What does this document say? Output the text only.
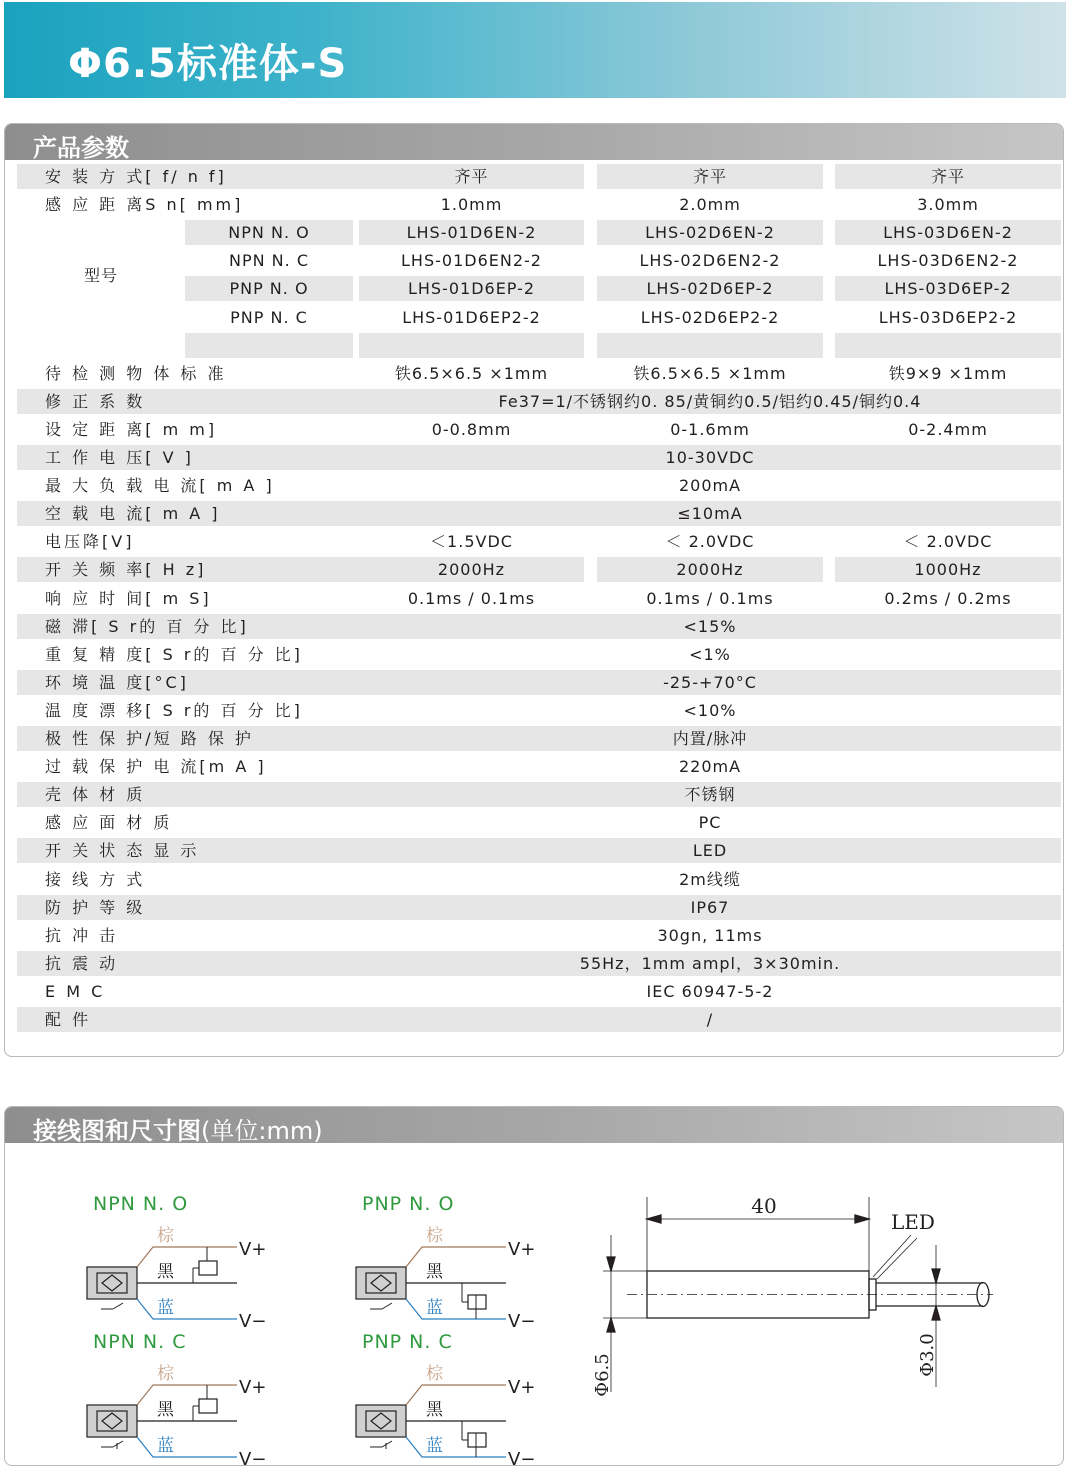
Φ6.5标准体-S
产品参数
安 装 方 式[ f/ n f]	齐平	齐平	齐平
感 应 距 离S n[ mm]	1.0mm	2.0mm	3.0mm
型号
NPN N. O	LHS-01D6EN-2	LHS-02D6EN-2	LHS-03D6EN-2
NPN N. C	LHS-01D6EN2-2	LHS-02D6EN2-2	LHS-03D6EN2-2
PNP N. O	LHS-01D6EP-2	LHS-02D6EP-2	LHS-03D6EP-2
PNP N. C	LHS-01D6EP2-2	LHS-02D6EP2-2	LHS-03D6EP2-2
待 检 测 物 体 标 准	铁6.5×6.5 ×1mm	铁6.5×6.5 ×1mm	铁9×9 ×1mm
修 正 系 数	Fe37=1/不锈钢约0. 85/黄铜约0.5/铝约0.45/铜约0.4
设 定 距 离[ m m]	0-0.8mm	0-1.6mm	0-2.4mm
工 作 电 压[ V ]	10-30VDC
最 大 负 载 电 流[ m A ]	200mA
空 载 电 流[ m A ]	≤10mA
电压降[V]	＜1.5VDC	＜ 2.0VDC	＜ 2.0VDC
开 关 频 率[ H z]	2000Hz	2000Hz	1000Hz
响 应 时 间[ m S]	0.1ms / 0.1ms	0.1ms / 0.1ms	0.2ms / 0.2ms
磁 滞[ S r的 百 分 比]	<15%
重 复 精 度[ S r的 百 分 比]	<1%
环 境 温 度[°C]	-25-+70°C
温 度 漂 移[ S r的 百 分 比]	<10%
极 性 保 护/短 路 保 护	内置/脉冲
过 载 保 护 电 流[m A ]	220mA
壳 体 材 质	不锈钢
感 应 面 材 质	PC
开 关 状 态 显 示	LED
接 线 方 式	2m线缆
防 护 等 级	IP67
抗 冲 击	30gn, 11ms
抗 震 动	55Hz，1mm ampl，3×30min.
E M C	IEC 60947-5-2
配 件	/
接线图和尺寸图(单位:mm)
NPN N. O	PNP N. O
NPN N. C	PNP N. C
棕
黑
蓝
V+
V−
棕
黑
蓝
V+
V−
棕
黑
蓝
V+
V−
棕
黑
蓝
V+
V−
40
LED
Φ6.5	Φ3.0
